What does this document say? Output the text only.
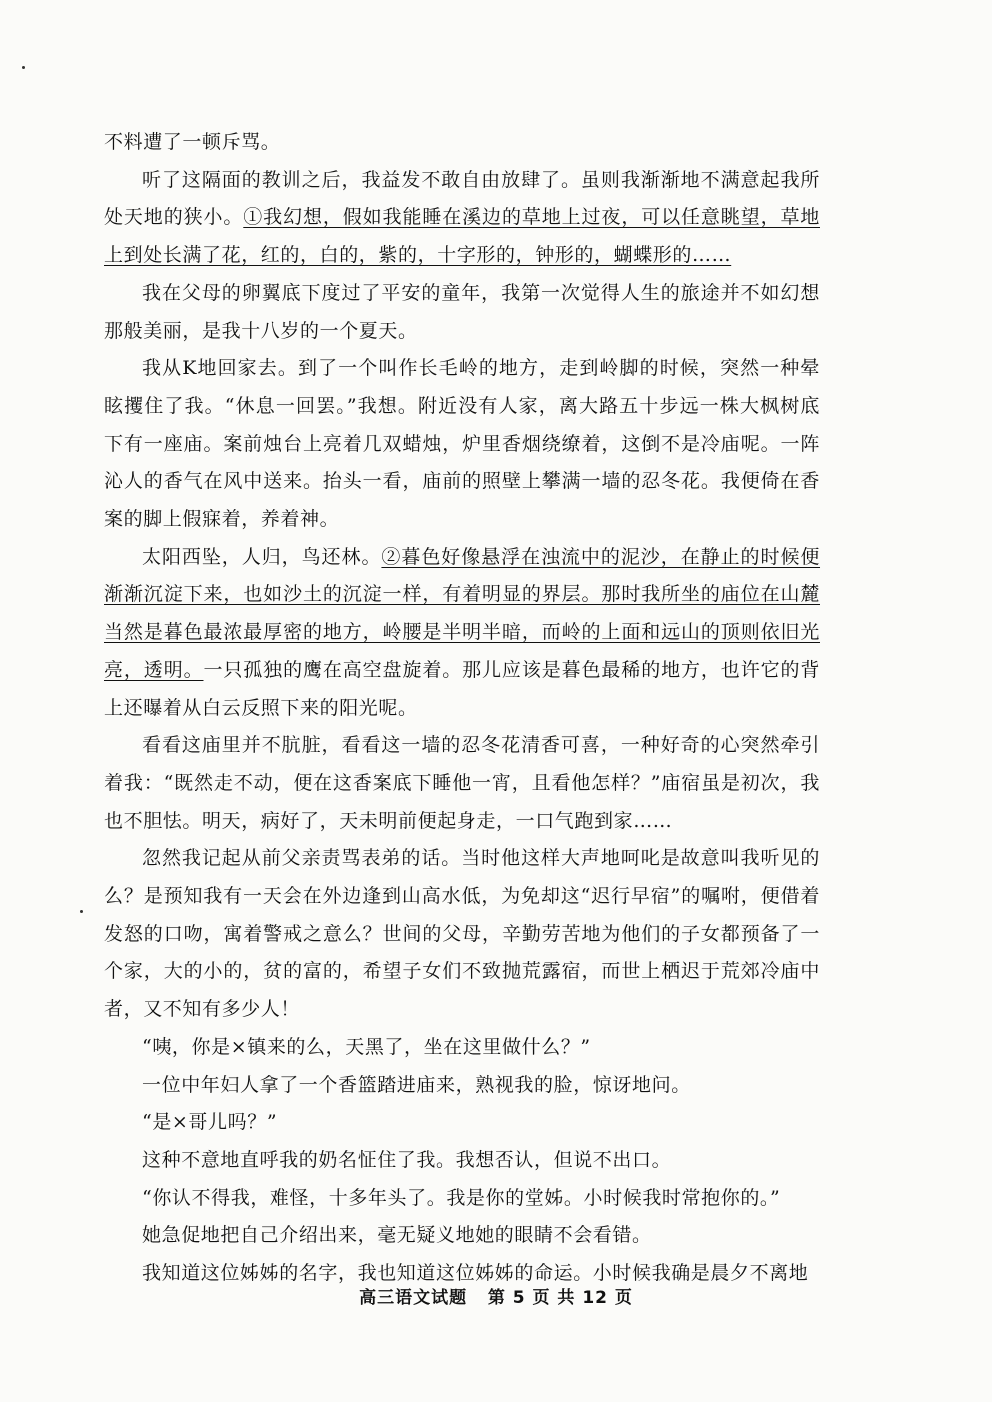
不料遭了一顿斥骂。

听了这隔面的教训之后，我益发不敢自由放肆了。虽则我渐渐地不满意起我所处天地的狭小。①我幻想，假如我能睡在溪边的草地上过夜，可以任意眺望，草地上到处长满了花，红的，白的，紫的，十字形的，钟形的，蝴蝶形的……

我在父母的卵翼底下度过了平安的童年，我第一次觉得人生的旅途并不如幻想那般美丽，是我十八岁的一个夏天。

我从K地回家去。到了一个叫作长毛岭的地方，走到岭脚的时候，突然一种晕眩攫住了我。“休息一回罢。”我想。附近没有人家，离大路五十步远一株大枫树底下有一座庙。案前烛台上亮着几双蜡烛，炉里香烟绕缭着，这倒不是冷庙呢。一阵沁人的香气在风中送来。抬头一看，庙前的照壁上攀满一墙的忍冬花。我便倚在香案的脚上假寐着，养着神。

太阳西坠，人归，鸟还林。②暮色好像悬浮在浊流中的泥沙，在静止的时候便渐渐沉淀下来，也如沙土的沉淀一样，有着明显的界层。那时我所坐的庙位在山麓当然是暮色最浓最厚密的地方，岭腰是半明半暗，而岭的上面和远山的顶则依旧光亮，透明。一只孤独的鹰在高空盘旋着。那儿应该是暮色最稀的地方，也许它的背上还曝着从白云反照下来的阳光呢。

看看这庙里并不肮脏，看看这一墙的忍冬花清香可喜，一种好奇的心突然牵引着我：“既然走不动，便在这香案底下睡他一宵，且看他怎样？”庙宿虽是初次，我也不胆怯。明天，病好了，天未明前便起身走，一口气跑到家……

忽然我记起从前父亲责骂表弟的话。当时他这样大声地呵叱是故意叫我听见的么？是预知我有一天会在外边逢到山高水低，为免却这“迟行早宿”的嘱咐，便借着发怒的口吻，寓着警戒之意么？世间的父母，辛勤劳苦地为他们的子女都预备了一个家，大的小的，贫的富的，希望子女们不致抛荒露宿，而世上栖迟于荒郊冷庙中者，又不知有多少人！

“咦，你是×镇来的么，天黑了，坐在这里做什么？”

一位中年妇人拿了一个香篮踏进庙来，熟视我的脸，惊讶地问。

“是×哥儿吗？”

这种不意地直呼我的奶名怔住了我。我想否认，但说不出口。

“你认不得我，难怪，十多年头了。我是你的堂姊。小时候我时常抱你的。”

她急促地把自己介绍出来，毫无疑义地她的眼睛不会看错。

我知道这位姊姊的名字，我也知道这位姊姊的命运。小时候我确是晨夕不离地

高三语文试题 第 5 页 共 12 页
